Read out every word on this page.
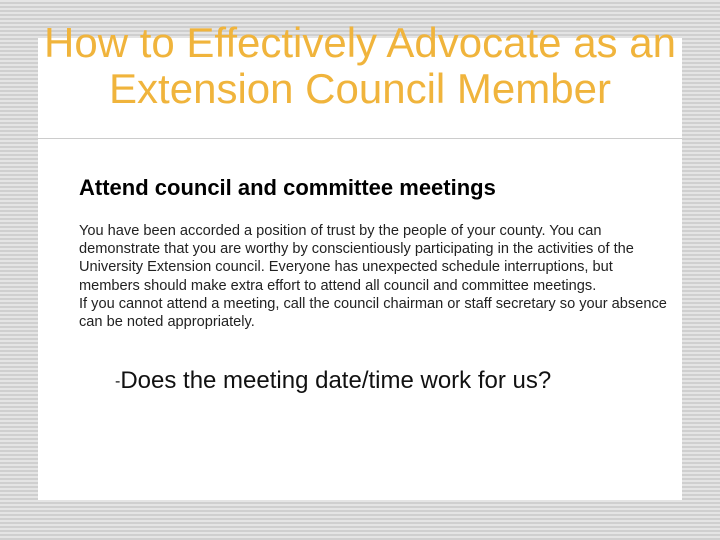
How to Effectively Advocate as an Extension Council Member
Attend council and committee meetings

You have been accorded a position of trust by the people of your county. You can demonstrate that you are worthy by conscientiously participating in the activities of the University Extension council. Everyone has unexpected schedule interruptions, but members should make extra effort to attend all council and committee meetings.

If you cannot attend a meeting, call the council chairman or staff secretary so your absence can be noted appropriately.

-Does the meeting date/time work for us?
